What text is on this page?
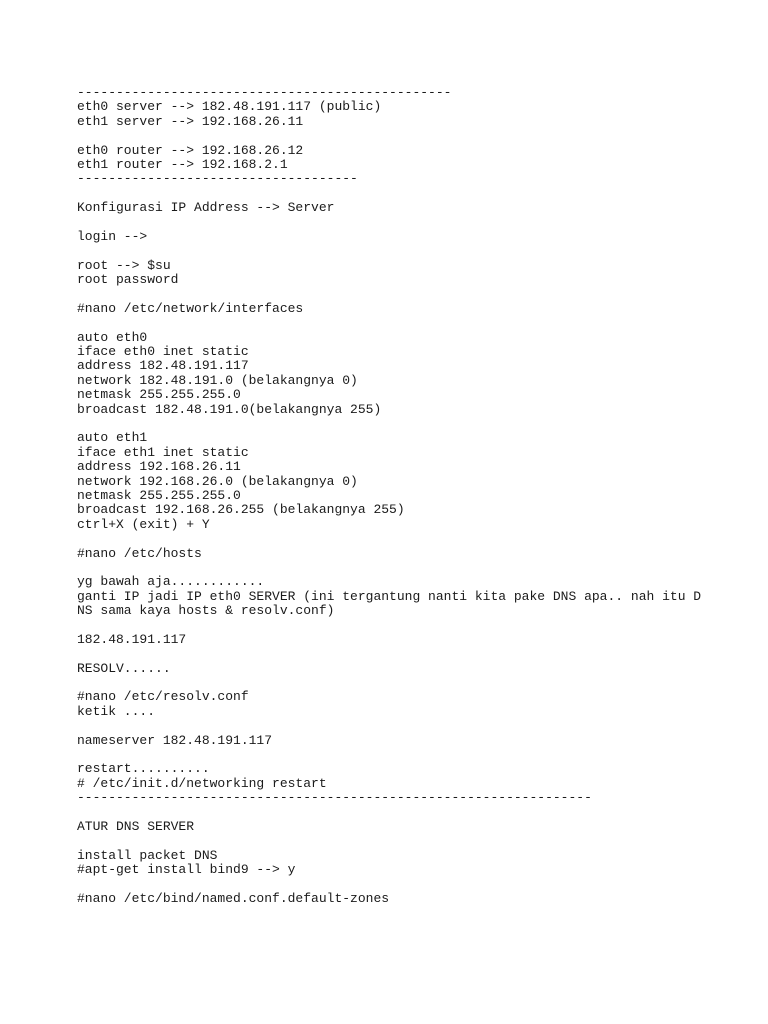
------------------------------------------------
eth0 server --> 182.48.191.117 (public)
eth1 server --> 192.168.26.11
eth0 router --> 192.168.26.12
eth1 router --> 192.168.2.1
------------------------------------
Konfigurasi IP Address --> Server
login -->
root --> $su
root password
#nano /etc/network/interfaces
auto eth0
iface eth0 inet static
address 182.48.191.117
network 182.48.191.0 (belakangnya 0)
netmask 255.255.255.0
broadcast 182.48.191.0(belakangnya 255)
auto eth1
iface eth1 inet static
address 192.168.26.11
network 192.168.26.0 (belakangnya 0)
netmask 255.255.255.0
broadcast 192.168.26.255 (belakangnya 255)
ctrl+X (exit) + Y
#nano /etc/hosts
yg bawah aja............
ganti IP jadi IP eth0 SERVER (ini tergantung nanti kita pake DNS apa.. nah itu D
NS sama kaya hosts & resolv.conf)
182.48.191.117
RESOLV......
#nano /etc/resolv.conf
ketik ....
nameserver 182.48.191.117
restart..........
# /etc/init.d/networking restart
------------------------------------------------------------------
ATUR DNS SERVER
install packet DNS
#apt-get install bind9 --> y
#nano /etc/bind/named.conf.default-zones
